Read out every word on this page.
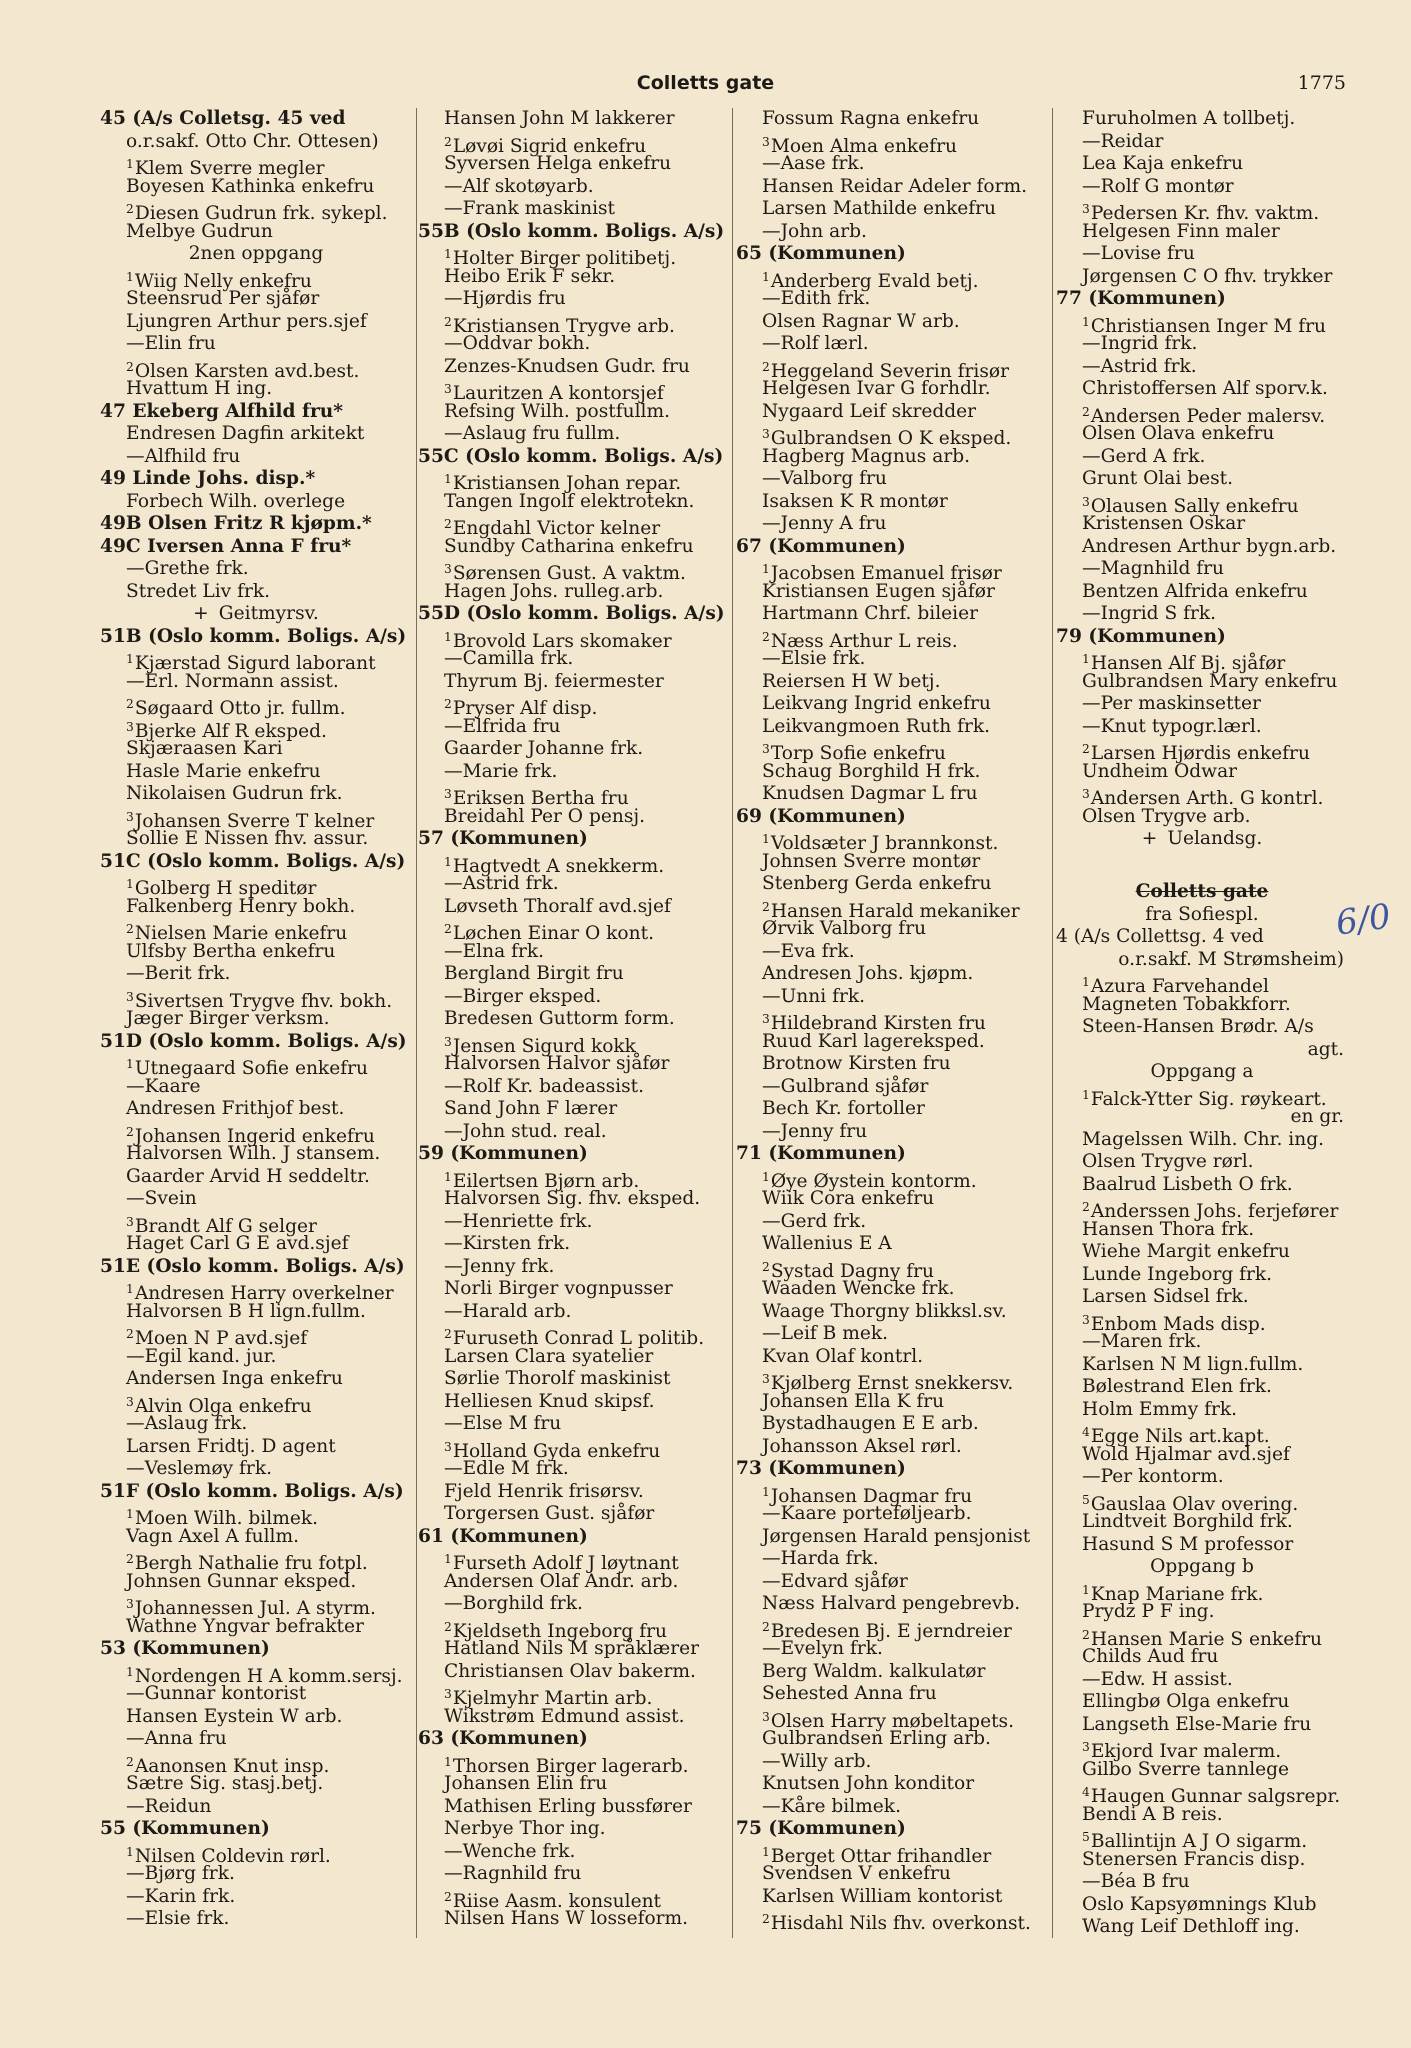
Colletts gate	1775
45 (A/s Colletsg. 45 ved
o.r.sakf. Otto Chr. Ottesen)
$^1$Klem Sverre megler
Boyesen Kathinka enkefru
$^2$Diesen Gudrun frk. sykepl.
Melbye Gudrun
2nen oppgang
$^1$Wiig Nelly enkefru
Steensrud Per sjåfør
Ljungren Arthur pers.sjef
—Elin fru
$^2$Olsen Karsten avd.best.
Hvattum H ing.
47 Ekeberg Alfhild fru*
Endresen Dagfin arkitekt
—Alfhild fru
49 Linde Johs. disp.*
Forbech Wilh. overlege
49B Olsen Fritz R kjøpm.*
49C Iversen Anna F fru*
—Grethe frk.
Stredet Liv frk.
+ Geitmyrsv.
51B (Oslo komm. Boligs. A/s)
$^1$Kjærstad Sigurd laborant
—Erl. Normann assist.
$^2$Søgaard Otto jr. fullm.
$^3$Bjerke Alf R eksped.
Skjæraasen Kari
Hasle Marie enkefru
Nikolaisen Gudrun frk.
$^3$Johansen Sverre T kelner
Sollie E Nissen fhv. assur.
51C (Oslo komm. Boligs. A/s)
$^1$Golberg H speditør
Falkenberg Henry bokh.
$^2$Nielsen Marie enkefru
Ulfsby Bertha enkefru
—Berit frk.
$^3$Sivertsen Trygve fhv. bokh.
Jæger Birger verksm.
51D (Oslo komm. Boligs. A/s)
$^1$Utnegaard Sofie enkefru
—Kaare
Andresen Frithjof best.
$^2$Johansen Ingerid enkefru
Halvorsen Wilh. J stansem.
Gaarder Arvid H seddeltr.
—Svein
$^3$Brandt Alf G selger
Haget Carl G E avd.sjef
51E (Oslo komm. Boligs. A/s)
$^1$Andresen Harry overkelner
Halvorsen B H lign.fullm.
$^2$Moen N P avd.sjef
—Egil kand. jur.
Andersen Inga enkefru
$^3$Alvin Olga enkefru
—Aslaug frk.
Larsen Fridtj. D agent
—Veslemøy frk.
51F (Oslo komm. Boligs. A/s)
$^1$Moen Wilh. bilmek.
Vagn Axel A fullm.
$^2$Bergh Nathalie fru fotpl.
Johnsen Gunnar eksped.
$^3$Johannessen Jul. A styrm.
Wathne Yngvar befrakter
53 (Kommunen)
$^1$Nordengen H A komm.sersj.
—Gunnar kontorist
Hansen Eystein W arb.
—Anna fru
$^2$Aanonsen Knut insp.
Sætre Sig. stasj.betj.
—Reidun
55 (Kommunen)
$^1$Nilsen Coldevin rørl.
—Bjørg frk.
—Karin frk.
—Elsie frk.
Hansen John M lakkerer
$^2$Løvøi Sigrid enkefru
Syversen Helga enkefru
—Alf skotøyarb.
—Frank maskinist
55B (Oslo komm. Boligs. A/s)
$^1$Holter Birger politibetj.
Heibo Erik F sekr.
—Hjørdis fru
$^2$Kristiansen Trygve arb.
—Oddvar bokh.
Zenzes-Knudsen Gudr. fru
$^3$Lauritzen A kontorsjef
Refsing Wilh. postfullm.
—Aslaug fru fullm.
55C (Oslo komm. Boligs. A/s)
$^1$Kristiansen Johan repar.
Tangen Ingolf elektrotekn.
$^2$Engdahl Victor kelner
Sundby Catharina enkefru
$^3$Sørensen Gust. A vaktm.
Hagen Johs. rulleg.arb.
55D (Oslo komm. Boligs. A/s)
$^1$Brovold Lars skomaker
—Camilla frk.
Thyrum Bj. feiermester
$^2$Pryser Alf disp.
—Elfrida fru
Gaarder Johanne frk.
—Marie frk.
$^3$Eriksen Bertha fru
Breidahl Per O pensj.
57 (Kommunen)
$^1$Hagtvedt A snekkerm.
—Astrid frk.
Løvseth Thoralf avd.sjef
$^2$Løchen Einar O kont.
—Elna frk.
Bergland Birgit fru
—Birger eksped.
Bredesen Guttorm form.
$^3$Jensen Sigurd kokk
Halvorsen Halvor sjåfør
—Rolf Kr. badeassist.
Sand John F lærer
—John stud. real.
59 (Kommunen)
$^1$Eilertsen Bjørn arb.
Halvorsen Sig. fhv. eksped.
—Henriette frk.
—Kirsten frk.
—Jenny frk.
Norli Birger vognpusser
—Harald arb.
$^2$Furuseth Conrad L politib.
Larsen Clara syatelier
Sørlie Thorolf maskinist
Helliesen Knud skipsf.
—Else M fru
$^3$Holland Gyda enkefru
—Edle M frk.
Fjeld Henrik frisørsv.
Torgersen Gust. sjåfør
61 (Kommunen)
$^1$Furseth Adolf J løytnant
Andersen Olaf Andr. arb.
—Borghild frk.
$^2$Kjeldseth Ingeborg fru
Hatland Nils M språklærer
Christiansen Olav bakerm.
$^3$Kjelmyhr Martin arb.
Wikstrøm Edmund assist.
63 (Kommunen)
$^1$Thorsen Birger lagerarb.
Johansen Elin fru
Mathisen Erling bussfører
Nerbye Thor ing.
—Wenche frk.
—Ragnhild fru
$^2$Riise Aasm. konsulent
Nilsen Hans W losseform.
Fossum Ragna enkefru
$^3$Moen Alma enkefru
—Aase frk.
Hansen Reidar Adeler form.
Larsen Mathilde enkefru
—John arb.
65 (Kommunen)
$^1$Anderberg Evald betj.
—Edith frk.
Olsen Ragnar W arb.
—Rolf lærl.
$^2$Heggeland Severin frisør
Helgesen Ivar G forhdlr.
Nygaard Leif skredder
$^3$Gulbrandsen O K eksped.
Hagberg Magnus arb.
—Valborg fru
Isaksen K R montør
—Jenny A fru
67 (Kommunen)
$^1$Jacobsen Emanuel frisør
Kristiansen Eugen sjåfør
Hartmann Chrf. bileier
$^2$Næss Arthur L reis.
—Elsie frk.
Reiersen H W betj.
Leikvang Ingrid enkefru
Leikvangmoen Ruth frk.
$^3$Torp Sofie enkefru
Schaug Borghild H frk.
Knudsen Dagmar L fru
69 (Kommunen)
$^1$Voldsæter J brannkonst.
Johnsen Sverre montør
Stenberg Gerda enkefru
$^2$Hansen Harald mekaniker
Ørvik Valborg fru
—Eva frk.
Andresen Johs. kjøpm.
—Unni frk.
$^3$Hildebrand Kirsten fru
Ruud Karl lagereksped.
Brotnow Kirsten fru
—Gulbrand sjåfør
Bech Kr. fortoller
—Jenny fru
71 (Kommunen)
$^1$Øye Øystein kontorm.
Wiik Cora enkefru
—Gerd frk.
Wallenius E A
$^2$Systad Dagny fru
Waaden Wencke frk.
Waage Thorgny blikksl.sv.
—Leif B mek.
Kvan Olaf kontrl.
$^3$Kjølberg Ernst snekkersv.
Johansen Ella K fru
Bystadhaugen E E arb.
Johansson Aksel rørl.
73 (Kommunen)
$^1$Johansen Dagmar fru
—Kaare porteføljearb.
Jørgensen Harald pensjonist
—Harda frk.
—Edvard sjåfør
Næss Halvard pengebrevb.
$^2$Bredesen Bj. E jerndreier
—Evelyn frk.
Berg Waldm. kalkulatør
Sehested Anna fru
$^3$Olsen Harry møbeltapets.
Gulbrandsen Erling arb.
—Willy arb.
Knutsen John konditor
—Kåre bilmek.
75 (Kommunen)
$^1$Berget Ottar frihandler
Svendsen V enkefru
Karlsen William kontorist
$^2$Hisdahl Nils fhv. overkonst.
Furuholmen A tollbetj.
—Reidar
Lea Kaja enkefru
—Rolf G montør
$^3$Pedersen Kr. fhv. vaktm.
Helgesen Finn maler
—Lovise fru
Jørgensen C O fhv. trykker
77 (Kommunen)
$^1$Christiansen Inger M fru
—Ingrid frk.
—Astrid frk.
Christoffersen Alf sporv.k.
$^2$Andersen Peder malersv.
Olsen Olava enkefru
—Gerd A frk.
Grunt Olai best.
$^3$Olausen Sally enkefru
Kristensen Oskar
Andresen Arthur bygn.arb.
—Magnhild fru
Bentzen Alfrida enkefru
—Ingrid S frk.
79 (Kommunen)
$^1$Hansen Alf Bj. sjåfør
Gulbrandsen Mary enkefru
—Per maskinsetter
—Knut typogr.lærl.
$^2$Larsen Hjørdis enkefru
Undheim Odwar
$^3$Andersen Arth. G kontrl.
Olsen Trygve arb.
+ Uelandsg.
Colletts gate
fra Sofiespl.
4 (A/s Collettsg. 4 ved
o.r.sakf. M Strømsheim)
$^1$Azura Farvehandel
Magneten Tobakkforr.
Steen-Hansen Brødr. A/s
agt.
Oppgang a
$^1$Falck-Ytter Sig. røykeart.
en gr.
Magelssen Wilh. Chr. ing.
Olsen Trygve rørl.
Baalrud Lisbeth O frk.
$^2$Anderssen Johs. ferjefører
Hansen Thora frk.
Wiehe Margit enkefru
Lunde Ingeborg frk.
Larsen Sidsel frk.
$^3$Enbom Mads disp.
—Maren frk.
Karlsen N M lign.fullm.
Bølestrand Elen frk.
Holm Emmy frk.
$^4$Egge Nils art.kapt.
Wold Hjalmar avd.sjef
—Per kontorm.
$^5$Gauslaa Olav overing.
Lindtveit Borghild frk.
Hasund S M professor
Oppgang b
$^1$Knap Mariane frk.
Prydz P F ing.
$^2$Hansen Marie S enkefru
Childs Aud fru
—Edw. H assist.
Ellingbø Olga enkefru
Langseth Else-Marie fru
$^3$Ekjord Ivar malerm.
Gilbo Sverre tannlege
$^4$Haugen Gunnar salgsrepr.
Bendi A B reis.
$^5$Ballintijn A J O sigarm.
Stenersen Francis disp.
—Béa B fru
Oslo Kapsyømnings Klub
Wang Leif Dethloff ing.
6/0
